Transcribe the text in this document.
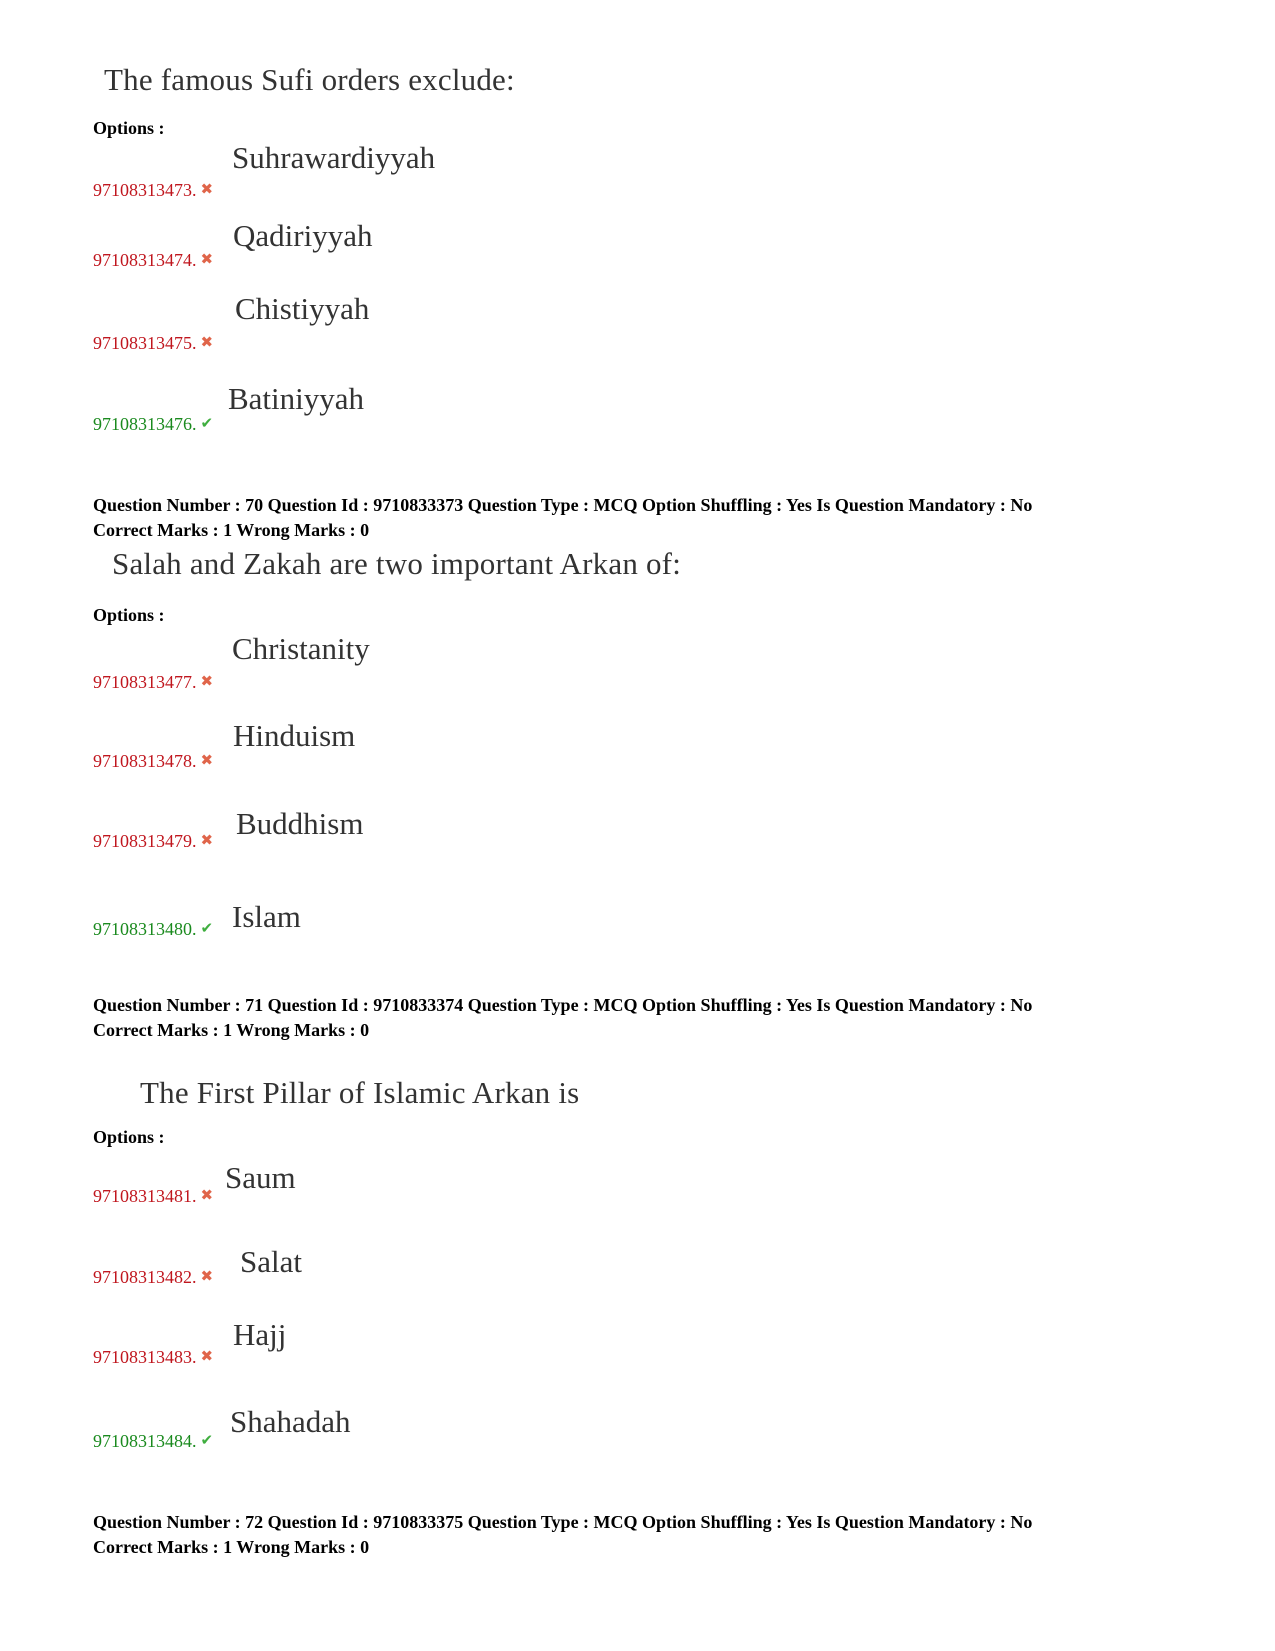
The famous Sufi orders exclude:
Options :
Suhrawardiyyah
97108313473. ✖
Qadiriyyah
97108313474. ✖
Chistiyyah
97108313475. ✖
Batiniyyah
97108313476. ✔
Question Number : 70 Question Id : 9710833373 Question Type : MCQ Option Shuffling : Yes Is Question Mandatory : No
Correct Marks : 1 Wrong Marks : 0
Salah and Zakah are two important Arkan of:
Options :
Christanity
97108313477. ✖
Hinduism
97108313478. ✖
Buddhism
97108313479. ✖
Islam
97108313480. ✔
Question Number : 71 Question Id : 9710833374 Question Type : MCQ Option Shuffling : Yes Is Question Mandatory : No
Correct Marks : 1 Wrong Marks : 0
The First Pillar of Islamic Arkan is
Options :
Saum
97108313481. ✖
Salat
97108313482. ✖
Hajj
97108313483. ✖
Shahadah
97108313484. ✔
Question Number : 72 Question Id : 9710833375 Question Type : MCQ Option Shuffling : Yes Is Question Mandatory : No
Correct Marks : 1 Wrong Marks : 0
